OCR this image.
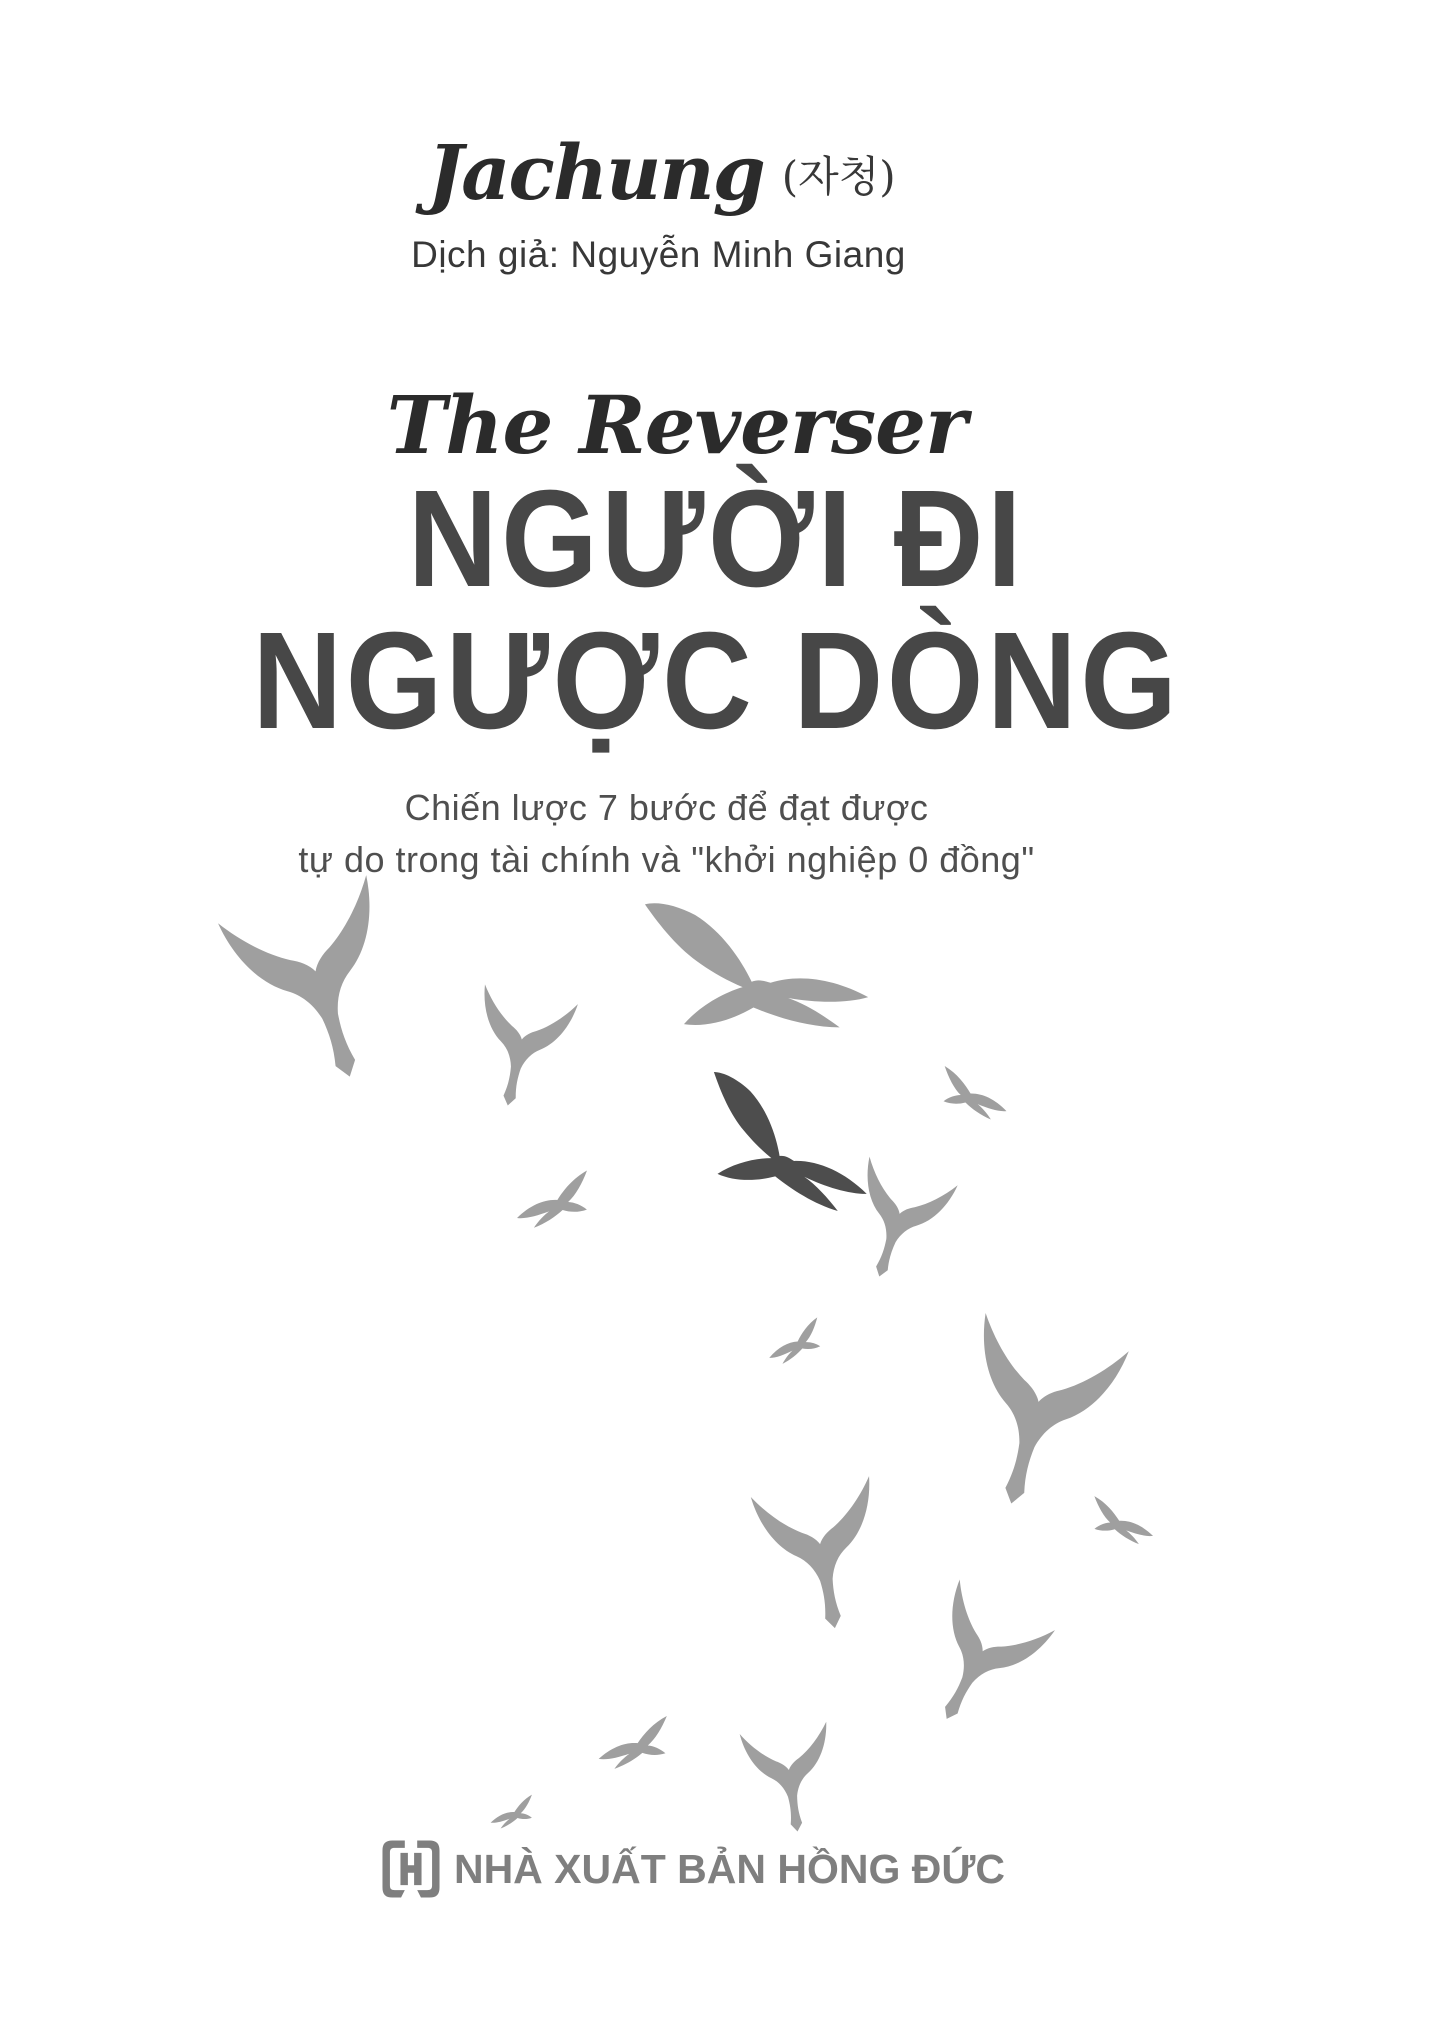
Jachung (자청)
Dịch giả: Nguyễn Minh Giang
The Reverser
NGƯỜI ĐI
NGƯỢC DÒNG
Chiến lược 7 bước để đạt được
tự do trong tài chính và "khởi nghiệp 0 đồng"
NHÀ XUẤT BẢN HỒNG ĐỨC
